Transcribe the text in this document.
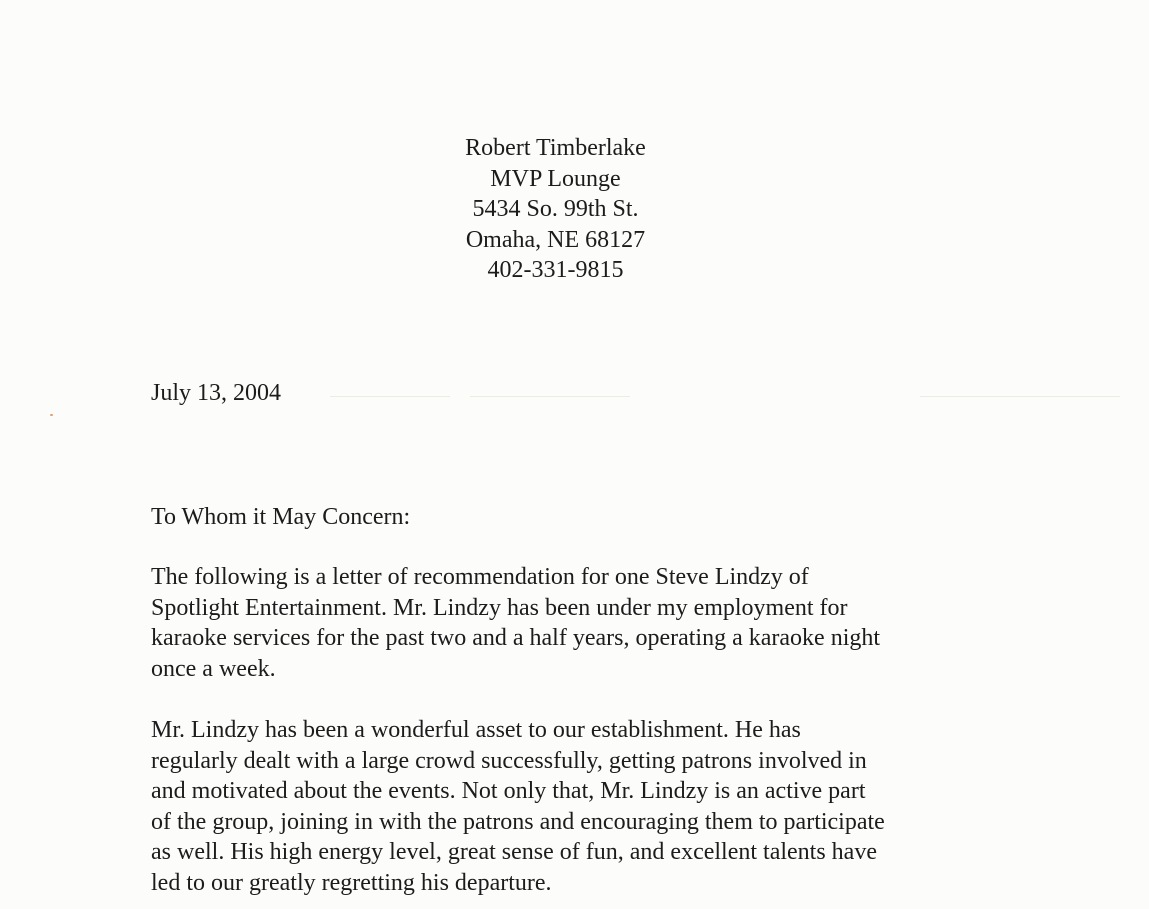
Robert Timberlake
MVP Lounge
5434 So. 99th St.
Omaha, NE 68127
402-331-9815
July 13, 2004
To Whom it May Concern:
The following is a letter of recommendation for one Steve Lindzy of
Spotlight Entertainment. Mr. Lindzy has been under my employment for
karaoke services for the past two and a half years, operating a karaoke night
once a week.
Mr. Lindzy has been a wonderful asset to our establishment. He has
regularly dealt with a large crowd successfully, getting patrons involved in
and motivated about the events. Not only that, Mr. Lindzy is an active part
of the group, joining in with the patrons and encouraging them to participate
as well. His high energy level, great sense of fun, and excellent talents have
led to our greatly regretting his departure.
